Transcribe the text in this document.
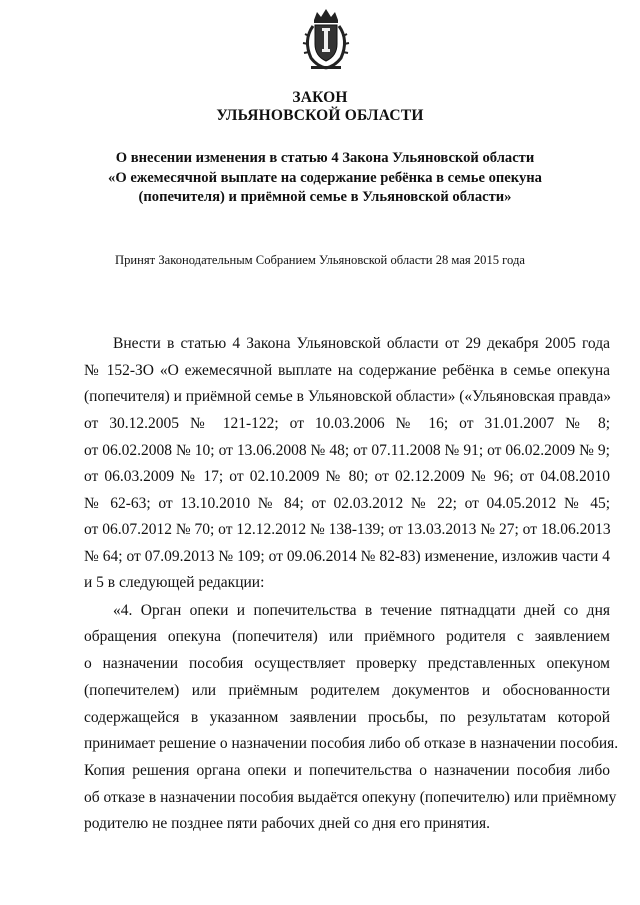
ЗАКОН
УЛЬЯНОВСКОЙ ОБЛАСТИ
О внесении изменения в статью 4 Закона Ульяновской области
«О ежемесячной выплате на содержание ребёнка в семье опекуна
(попечителя) и приёмной семье в Ульяновской области»
Принят Законодательным Собранием Ульяновской области 28 мая 2015 года
Внести в статью 4 Закона Ульяновской области от 29 декабря 2005 года
№ 152-ЗО «О ежемесячной выплате на содержание ребёнка в семье опекуна
(попечителя) и приёмной семье в Ульяновской области» («Ульяновская правда»
от 30.12.2005 № 121-122; от 10.03.2006 № 16; от 31.01.2007 № 8;
от 06.02.2008 № 10; от 13.06.2008 № 48; от 07.11.2008 № 91; от 06.02.2009 № 9;
от 06.03.2009 № 17; от 02.10.2009 № 80; от 02.12.2009 № 96; от 04.08.2010
№ 62-63; от 13.10.2010 № 84; от 02.03.2012 № 22; от 04.05.2012 № 45;
от 06.07.2012 № 70; от 12.12.2012 № 138-139; от 13.03.2013 № 27; от 18.06.2013
№ 64; от 07.09.2013 № 109; от 09.06.2014 № 82-83) изменение, изложив части 4
и 5 в следующей редакции:
«4. Орган опеки и попечительства в течение пятнадцати дней со дня
обращения опекуна (попечителя) или приёмного родителя с заявлением
о назначении пособия осуществляет проверку представленных опекуном
(попечителем) или приёмным родителем документов и обоснованности
содержащейся в указанном заявлении просьбы, по результатам которой
принимает решение о назначении пособия либо об отказе в назначении пособия.
Копия решения органа опеки и попечительства о назначении пособия либо
об отказе в назначении пособия выдаётся опекуну (попечителю) или приёмному
родителю не позднее пяти рабочих дней со дня его принятия.
